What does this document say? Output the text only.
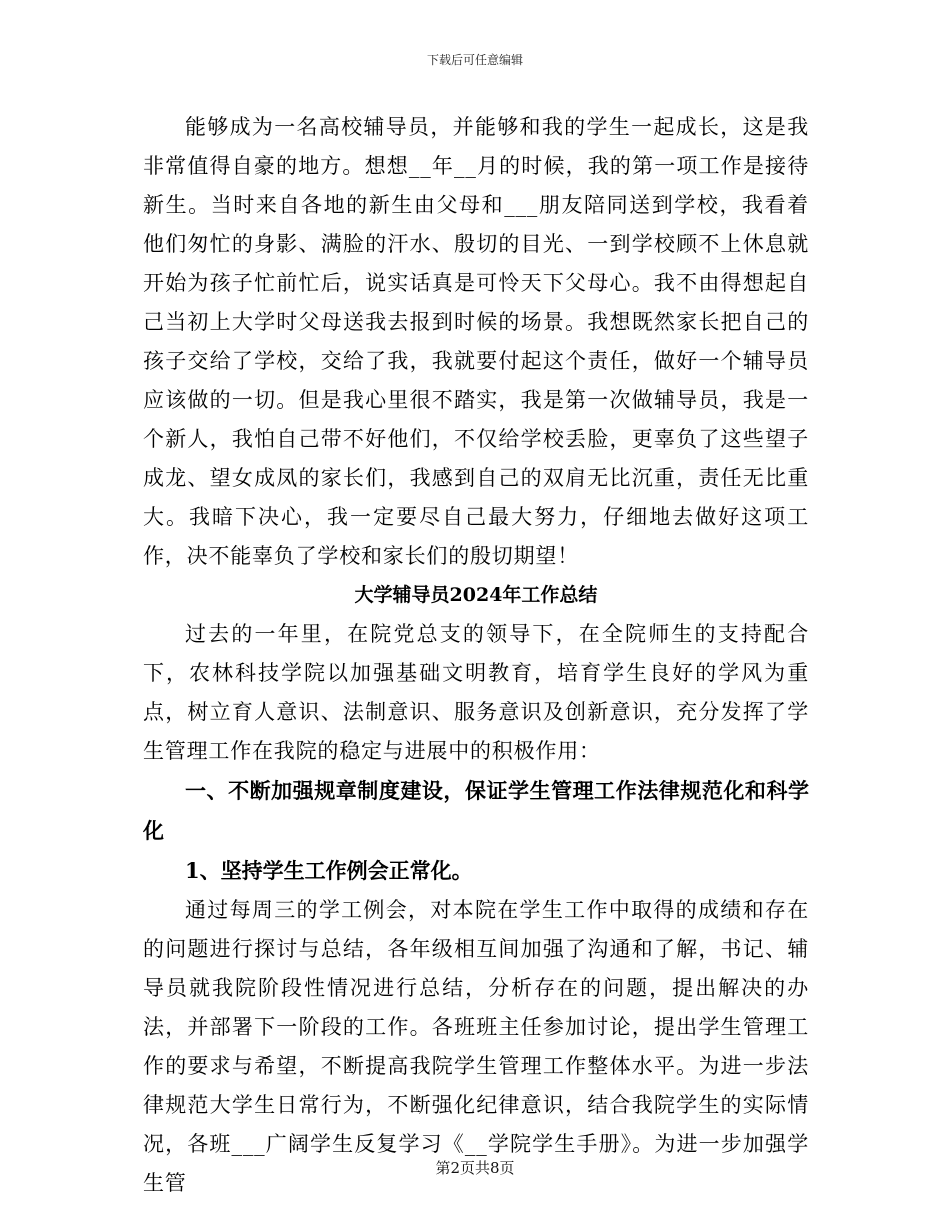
下载后可任意编辑

能够成为一名高校辅导员，并能够和我的学生一起成长，这是我非常值得自豪的地方。想想__年__月的时候，我的第一项工作是接待新生。当时来自各地的新生由父母和___朋友陪同送到学校，我看着他们匆忙的身影、满脸的汗水、殷切的目光、一到学校顾不上休息就开始为孩子忙前忙后，说实话真是可怜天下父母心。我不由得想起自己当初上大学时父母送我去报到时候的场景。我想既然家长把自己的孩子交给了学校，交给了我，我就要付起这个责任，做好一个辅导员应该做的一切。但是我心里很不踏实，我是第一次做辅导员，我是一个新人，我怕自己带不好他们，不仅给学校丢脸，更辜负了这些望子成龙、望女成凤的家长们，我感到自己的双肩无比沉重，责任无比重大。我暗下决心，我一定要尽自己最大努力，仔细地去做好这项工作，决不能辜负了学校和家长们的殷切期望！

大学辅导员2024年工作总结

过去的一年里，在院党总支的领导下，在全院师生的支持配合下，农林科技学院以加强基础文明教育，培育学生良好的学风为重点，树立育人意识、法制意识、服务意识及创新意识，充分发挥了学生管理工作在我院的稳定与进展中的积极作用：

一、不断加强规章制度建设，保证学生管理工作法律规范化和科学化

1、坚持学生工作例会正常化。

通过每周三的学工例会，对本院在学生工作中取得的成绩和存在的问题进行探讨与总结，各年级相互间加强了沟通和了解，书记、辅导员就我院阶段性情况进行总结，分析存在的问题，提出解决的办法，并部署下一阶段的工作。各班班主任参加讨论，提出学生管理工作的要求与希望，不断提高我院学生管理工作整体水平。为进一步法律规范大学生日常行为，不断强化纪律意识，结合我院学生的实际情况，各班___广阔学生反复学习《__学院学生手册》。为进一步加强学生管

第2页共8页
